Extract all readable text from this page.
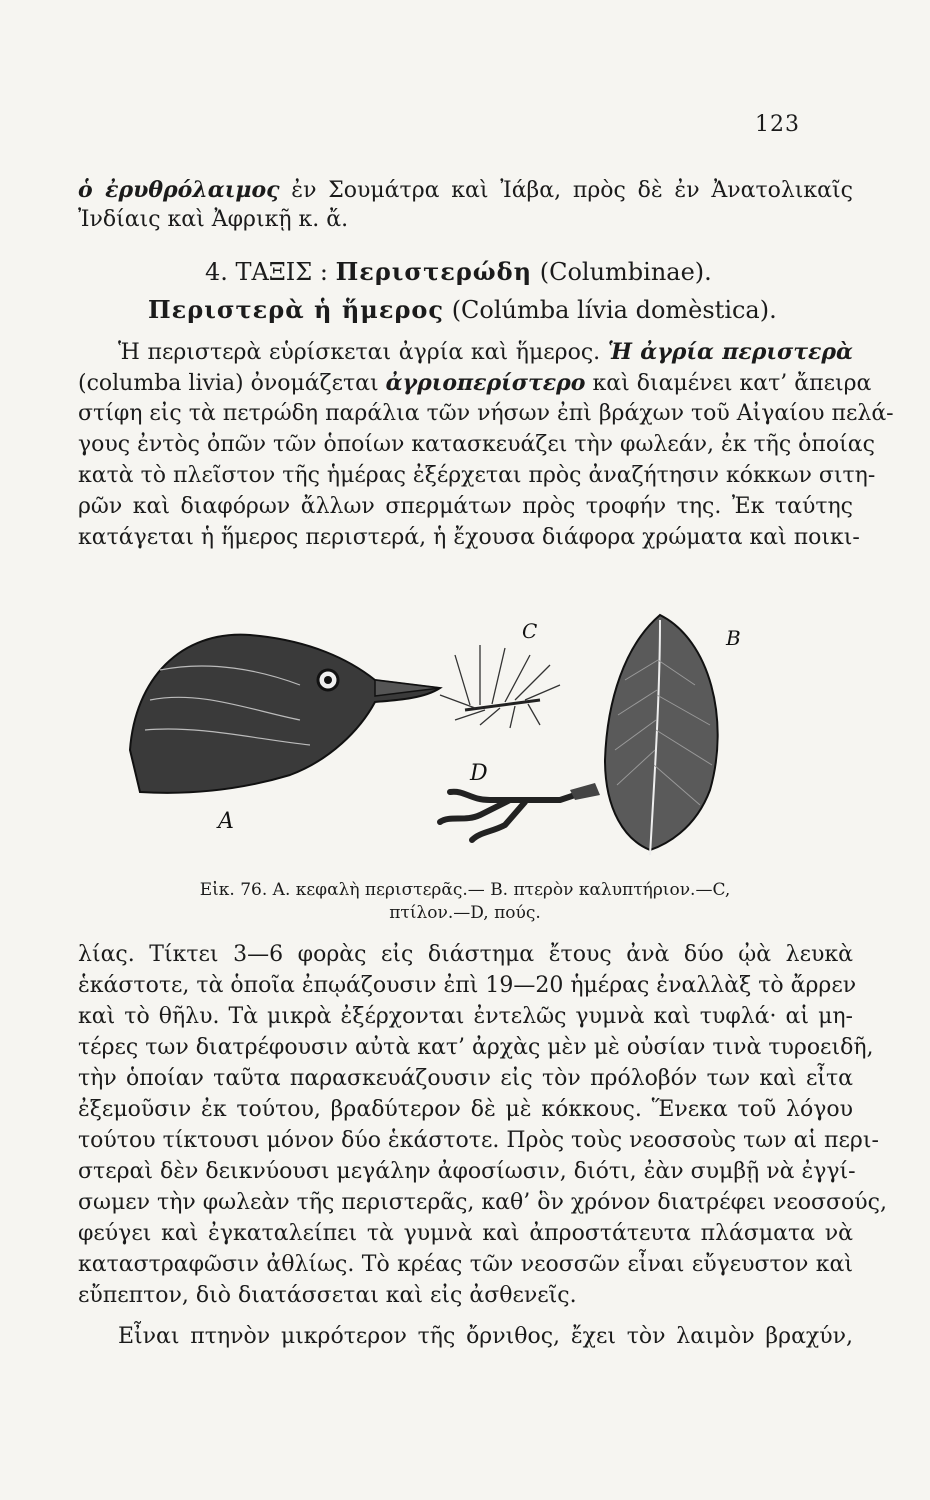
123
ὁ ἐρυθρόλαιμος ἐν Σουμάτρα καὶ Ἰάβα, πρὸς δὲ ἐν Ἀνατολικαῖς
Ἰνδίαις καὶ Ἀφρικῇ κ. ἄ.
4. ΤΑΞΙΣ : Περιστερώδη (Columbinae).
Περιστερὰ ἡ ἥμερος (Colúmba lívia domèstica).
Ἡ περιστερὰ εὑρίσκεται ἀγρία καὶ ἥμερος. Ἡ ἀγρία περιστερὰ
(columba livia) ὀνομάζεται ἀγριοπερίστερο καὶ διαμένει κατ’ ἄπειρα
στίφη εἰς τὰ πετρώδη παράλια τῶν νήσων ἐπὶ βράχων τοῦ Αἰγαίου πελά-
γους ἐντὸς ὀπῶν τῶν ὁποίων κατασκευάζει τὴν φωλεάν, ἐκ τῆς ὁποίας
κατὰ τὸ πλεῖστον τῆς ἡμέρας ἐξέρχεται πρὸς ἀναζήτησιν κόκκων σιτη-
ρῶν καὶ διαφόρων ἄλλων σπερμάτων πρὸς τροφήν της. Ἐκ ταύτης
κατάγεται ἡ ἥμερος περιστερά, ἡ ἔχουσα διάφορα χρώματα καὶ ποικι-
A
B
C
D
Εἰκ. 76. Α. κεφαλὴ περιστερᾶς.— Β. πτερὸν καλυπτήριον.—C,
πτίλον.—D, πούς.
λίας. Τίκτει 3—6 φορὰς εἰς διάστημα ἔτους ἀνὰ δύο ᾠὰ λευκὰ
ἑκάστοτε, τὰ ὁποῖα ἐπῳάζουσιν ἐπὶ 19—20 ἡμέρας ἐναλλὰξ τὸ ἄρρεν
καὶ τὸ θῆλυ. Τὰ μικρὰ ἐξέρχονται ἐντελῶς γυμνὰ καὶ τυφλά· αἱ μη-
τέρες των διατρέφουσιν αὐτὰ κατ’ ἀρχὰς μὲν μὲ οὐσίαν τινὰ τυροειδῆ,
τὴν ὁποίαν ταῦτα παρασκευάζουσιν εἰς τὸν πρόλοβόν των καὶ εἶτα
ἐξεμοῦσιν ἐκ τούτου, βραδύτερον δὲ μὲ κόκκους. Ἕνεκα τοῦ λόγου
τούτου τίκτουσι μόνον δύο ἑκάστοτε. Πρὸς τοὺς νεοσσοὺς των αἱ περι-
στεραὶ δὲν δεικνύουσι μεγάλην ἀφοσίωσιν, διότι, ἐὰν συμβῇ νὰ ἐγγί-
σωμεν τὴν φωλεὰν τῆς περιστερᾶς, καθ’ ὃν χρόνον διατρέφει νεοσσούς,
φεύγει καὶ ἐγκαταλείπει τὰ γυμνὰ καὶ ἀπροστάτευτα πλάσματα νὰ
καταστραφῶσιν ἀθλίως. Τὸ κρέας τῶν νεοσσῶν εἶναι εὔγευστον καὶ
εὔπεπτον, διὸ διατάσσεται καὶ εἰς ἀσθενεῖς.
Εἶναι πτηνὸν μικρότερον τῆς ὄρνιθος, ἔχει τὸν λαιμὸν βραχύν,
